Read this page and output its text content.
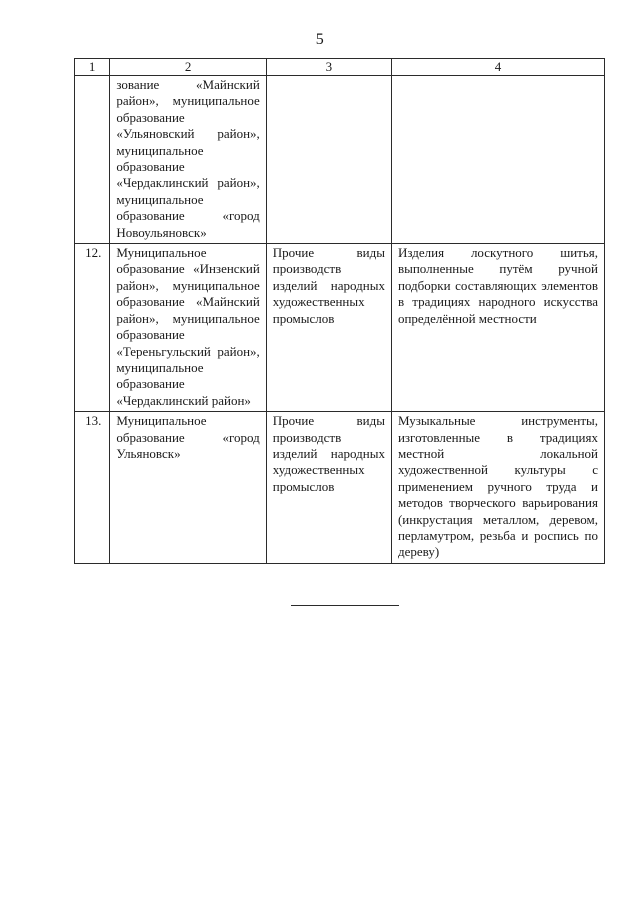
5
1	2	3	4
	зование «Майнский район», муниципальное образование «Ульяновский район», муниципальное образование «Чердаклинский район», муниципальное образование «город Новоульяновск»		
12.	Муниципальное образование «Инзенский район», муниципальное образование «Майнский район», муниципальное образование «Тереньгульский район», муниципальное образование «Чердаклинский район»	Прочие виды производств изделий народных художественных промыслов	Изделия лоскутного шитья, выполненные путём ручной подборки составляющих элементов в традициях народного искусства определённой местности
13.	Муниципальное образование «город Ульяновск»	Прочие виды производств изделий народных художественных промыслов	Музыкальные инструменты, изготовленные в традициях местной локальной художественной культуры с применением ручного труда и методов творческого варьирования (инкрустация металлом, деревом, перламутром, резьба и роспись по дереву)
